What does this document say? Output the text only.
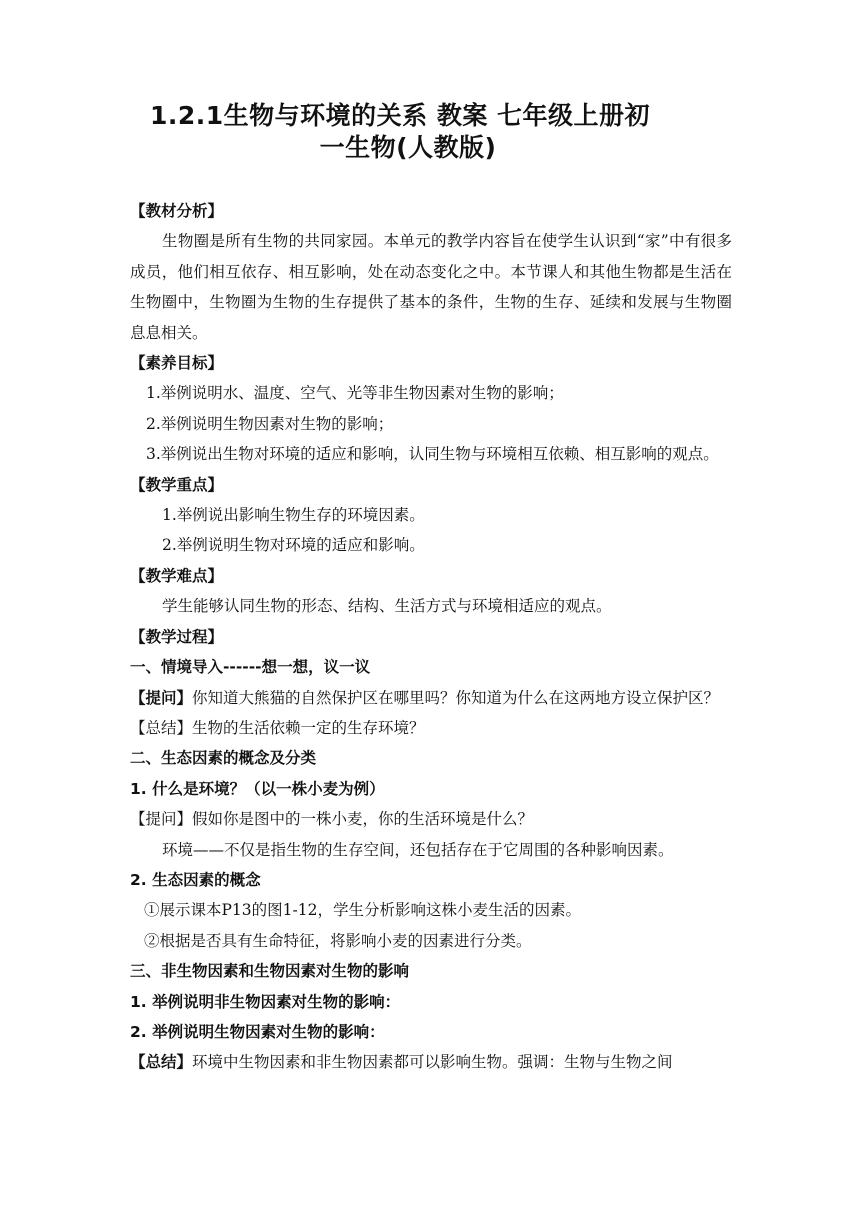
1.2.1生物与环境的关系 教案 七年级上册初
一生物(人教版)

【教材分析】

生物圈是所有生物的共同家园。本单元的教学内容旨在使学生认识到“家”中有很多成员，他们相互依存、相互影响，处在动态变化之中。本节课人和其他生物都是生活在生物圈中，生物圈为生物的生存提供了基本的条件，生物的生存、延续和发展与生物圈息息相关。

【素养目标】

1.举例说明水、温度、空气、光等非生物因素对生物的影响；

2.举例说明生物因素对生物的影响；

3.举例说出生物对环境的适应和影响，认同生物与环境相互依赖、相互影响的观点。

【教学重点】

1.举例说出影响生物生存的环境因素。

2.举例说明生物对环境的适应和影响。

【教学难点】

学生能够认同生物的形态、结构、生活方式与环境相适应的观点。

【教学过程】

一、情境导入------想一想，议一议

【提问】你知道大熊猫的自然保护区在哪里吗？你知道为什么在这两地方设立保护区？

【总结】生物的生活依赖一定的生存环境？

二、生态因素的概念及分类

1. 什么是环境？（以一株小麦为例）

【提问】假如你是图中的一株小麦，你的生活环境是什么？

环境——不仅是指生物的生存空间，还包括存在于它周围的各种影响因素。

2. 生态因素的概念

①展示课本P13的图1-12，学生分析影响这株小麦生活的因素。

②根据是否具有生命特征，将影响小麦的因素进行分类。

三、非生物因素和生物因素对生物的影响

1. 举例说明非生物因素对生物的影响：

2. 举例说明生物因素对生物的影响：

【总结】环境中生物因素和非生物因素都可以影响生物。强调：生物与生物之间
